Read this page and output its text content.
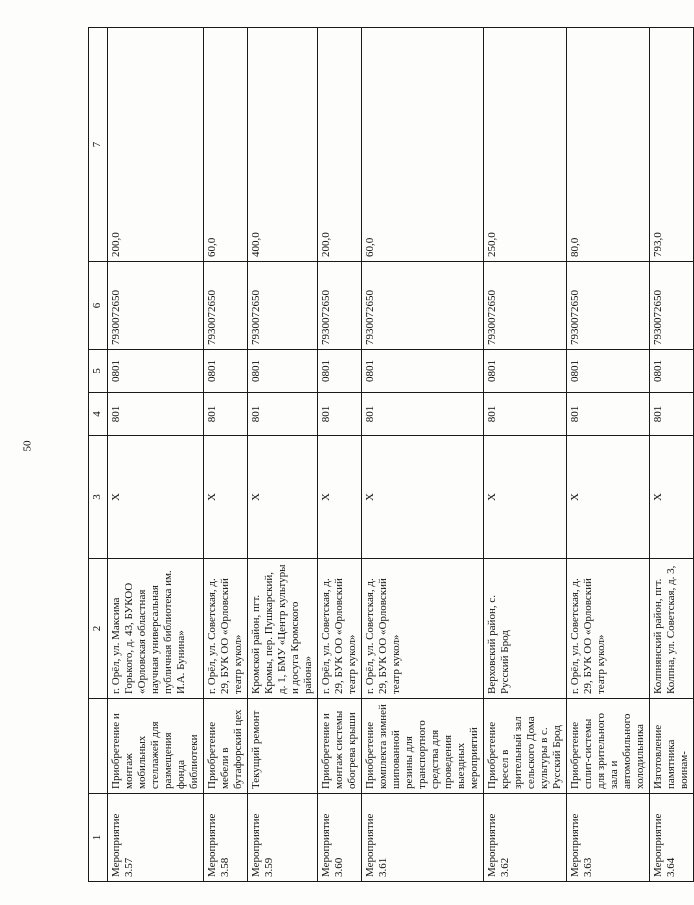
50
1		2	3	4	5	6	7
Мероприятие 3.57	Приобретение и монтаж мобильных стеллажей для размещения фонда библиотеки	г. Орёл, ул. Максима Горького, д. 43, БУКОО «Орловская областная научная универсальная публичная библиотека им. И.А. Бунина»	Х	801	0801	7930072650	200,0
Мероприятие 3.58	Приобретение мебели в бутафорский цех	г. Орёл, ул. Советская, д. 29, БУК ОО «Орловский театр кукол»	Х	801	0801	7930072650	60,0
Мероприятие 3.59	Текущий ремонт	Кромской район, пгт. Кромы, пер. Пушкарский, д. 1, БМУ «Центр культуры и досуга Кромского района»	Х	801	0801	7930072650	400,0
Мероприятие 3.60	Приобретение и монтаж системы обогрева крыши	г. Орёл, ул. Советская, д. 29, БУК ОО «Орловский театр кукол»	Х	801	0801	7930072650	200,0
Мероприятие 3.61	Приобретение комплекта зимней шипованной резины для транспортного средства для проведения выездных мероприятий	г. Орёл, ул. Советская, д. 29, БУК ОО «Орловский театр кукол»	Х	801	0801	7930072650	60,0
Мероприятие 3.62	Приобретение кресел в зрительный зал сельского Дома культуры в с. Русский Брод	Верховский район, с. Русский Брод	Х	801	0801	7930072650	250,0
Мероприятие 3.63	Приобретение сплит-системы для зрительного зала и автомобильного холодильника	г. Орёл, ул. Советская, д. 29, БУК ОО «Орловский театр кукол»	Х	801	0801	7930072650	80,0
Мероприятие 3.64	Изготовление памятника воинам-	Колпнянский район, пгт. Колпна, ул. Советская, д. 3,	Х	801	0801	7930072650	793,0
